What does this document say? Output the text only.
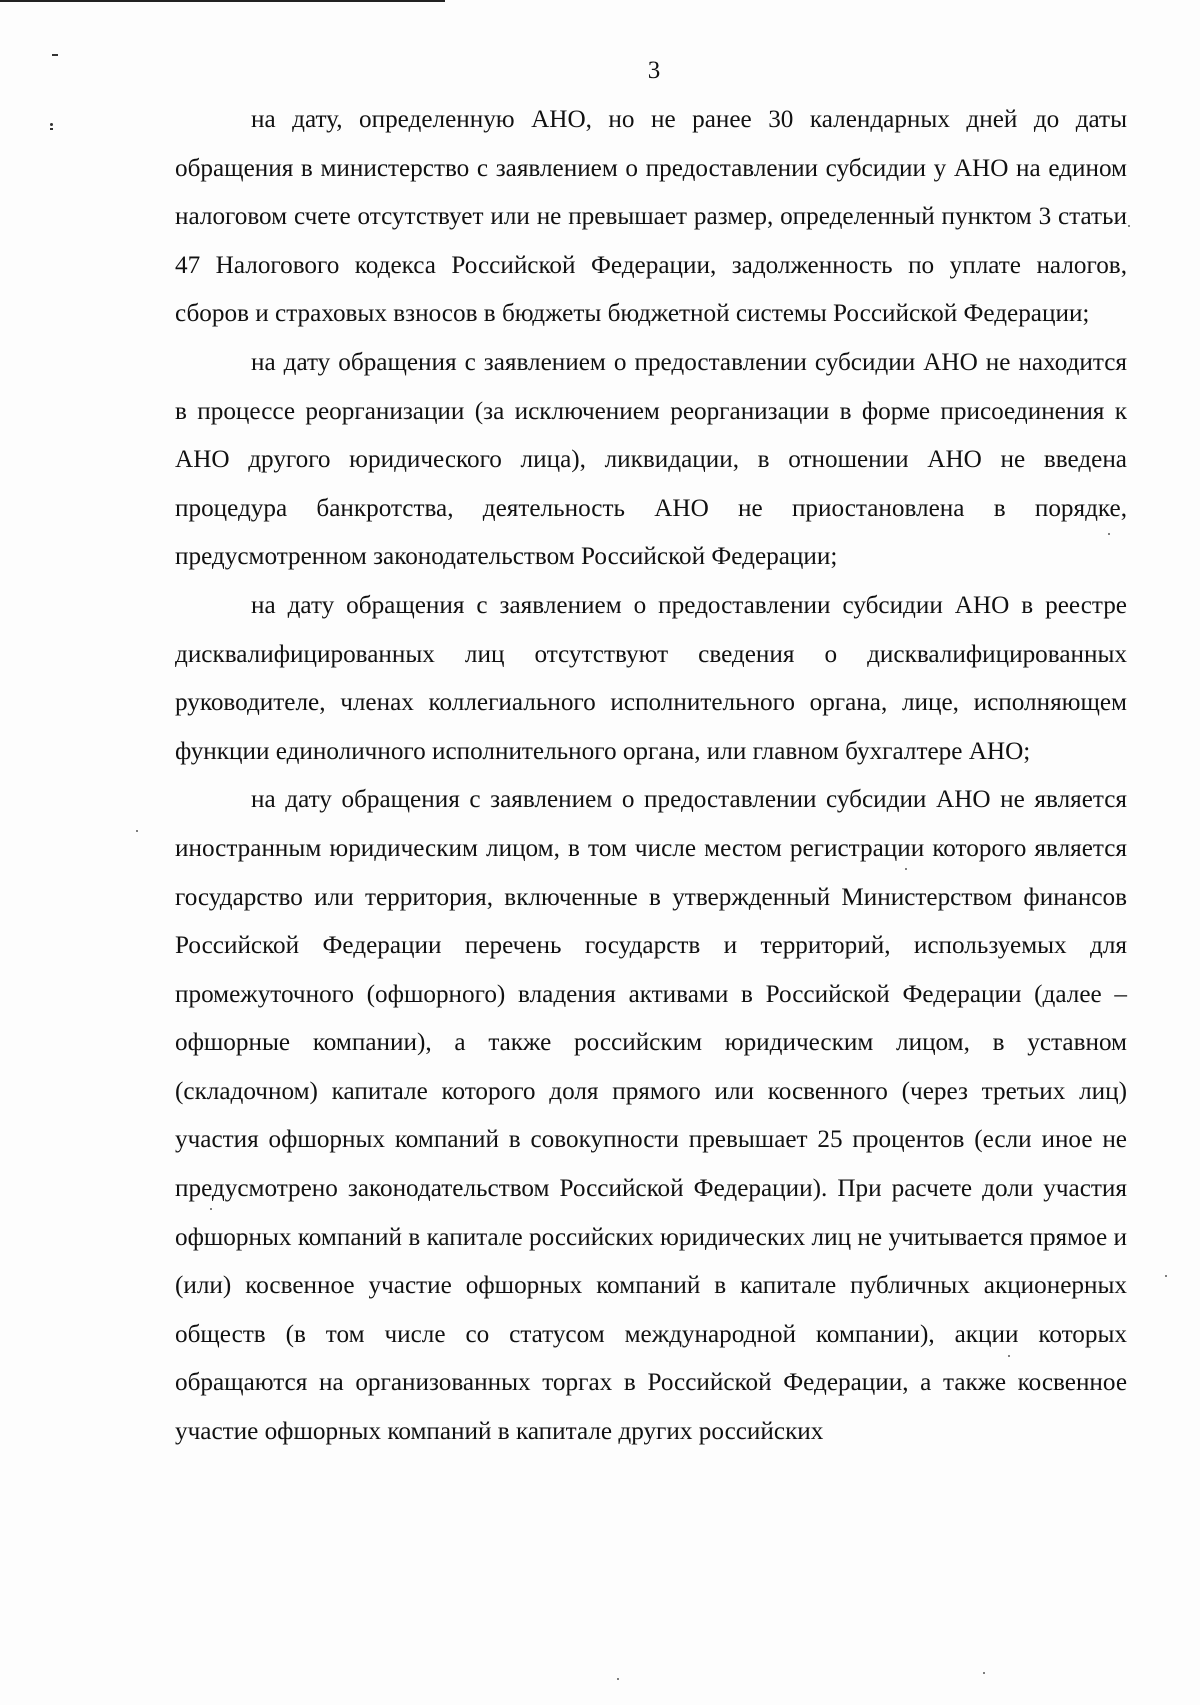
3

на дату, определенную АНО, но не ранее 30 календарных дней до даты обращения в министерство с заявлением о предоставлении субсидии у АНО на едином налоговом счете отсутствует или не превышает размер, определенный пунктом 3 статьи 47 Налогового кодекса Российской Федерации, задолженность по уплате налогов, сборов и страховых взносов в бюджеты бюджетной системы Российской Федерации;

на дату обращения с заявлением о предоставлении субсидии АНО не находится в процессе реорганизации (за исключением реорганизации в форме присоединения к АНО другого юридического лица), ликвидации, в отношении АНО не введена процедура банкротства, деятельность АНО не приостановлена в порядке, предусмотренном законодательством Российской Федерации;

на дату обращения с заявлением о предоставлении субсидии АНО в реестре дисквалифицированных лиц отсутствуют сведения о дисквалифицированных руководителе, членах коллегиального исполнительного органа, лице, исполняющем функции единоличного исполнительного органа, или главном бухгалтере АНО;

на дату обращения с заявлением о предоставлении субсидии АНО не является иностранным юридическим лицом, в том числе местом регистрации которого является государство или территория, включенные в утвержденный Министерством финансов Российской Федерации перечень государств и территорий, используемых для промежуточного (офшорного) владения активами в Российской Федерации (далее – офшорные компании), а также российским юридическим лицом, в уставном (складочном) капитале которого доля прямого или косвенного (через третьих лиц) участия офшорных компаний в совокупности превышает 25 процентов (если иное не предусмотрено законодательством Российской Федерации). При расчете доли участия офшорных компаний в капитале российских юридических лиц не учитывается прямое и (или) косвенное участие офшорных компаний в капитале публичных акционерных обществ (в том числе со статусом международной компании), акции которых обращаются на организованных торгах в Российской Федерации, а также косвенное участие офшорных компаний в капитале других российских
